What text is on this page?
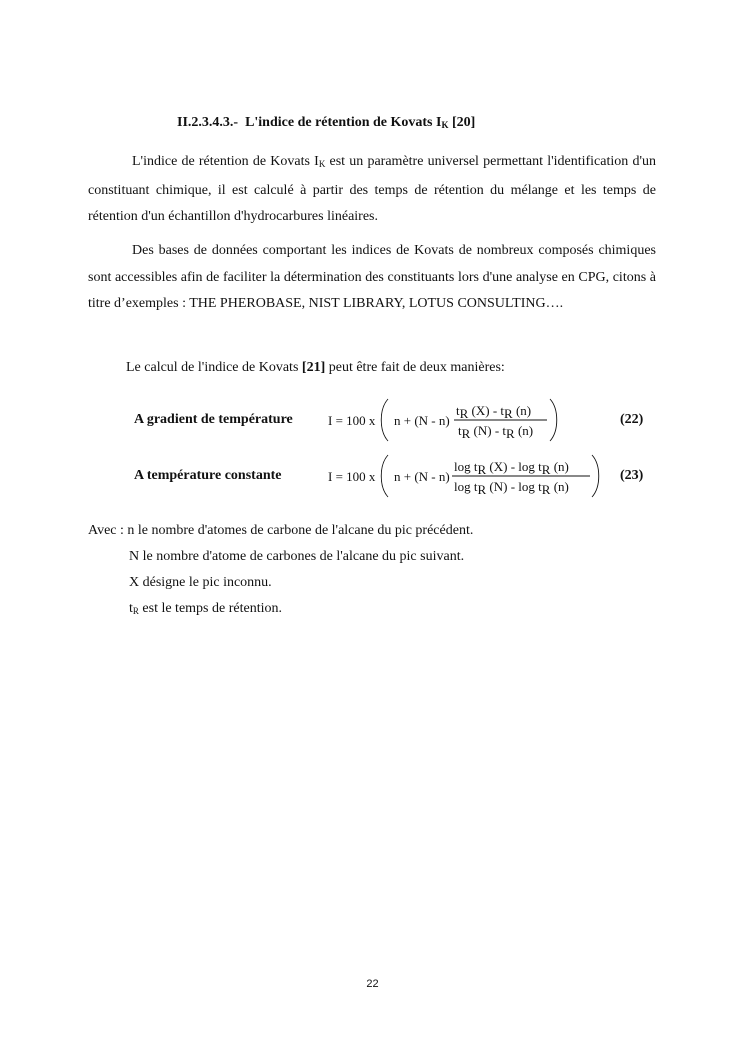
II.2.3.4.3.- L'indice de rétention de Kovats $I_K$ [20]
L'indice de rétention de Kovats $I_K$ est un paramètre universel permettant l'identification d'un constituant chimique, il est calculé à partir des temps de rétention du mélange et les temps de rétention d'un échantillon d'hydrocarbures linéaires.
Des bases de données comportant les indices de Kovats de nombreux composés chimiques sont accessibles afin de faciliter la détermination des constituants lors d'une analyse en CPG, citons à titre d’exemples : THE PHEROBASE, NIST LIBRARY, LOTUS CONSULTING….
Le calcul de l'indice de Kovats [21] peut être fait de deux manières:
A gradient de température	I = 100 x n + (N - n)
tR (X) - tR (n)
tR (N) - tR (n)
(22)
A température constante	I = 100 x n + (N - n)
log tR (X) - log tR (n)
log tR (N) - log tR (n)
(23)
Avec : n le nombre d'atomes de carbone de l'alcane du pic précédent.
N le nombre d'atome de carbones de l'alcane du pic suivant.
X désigne le pic inconnu.
$t_R$ est le temps de rétention.
22
